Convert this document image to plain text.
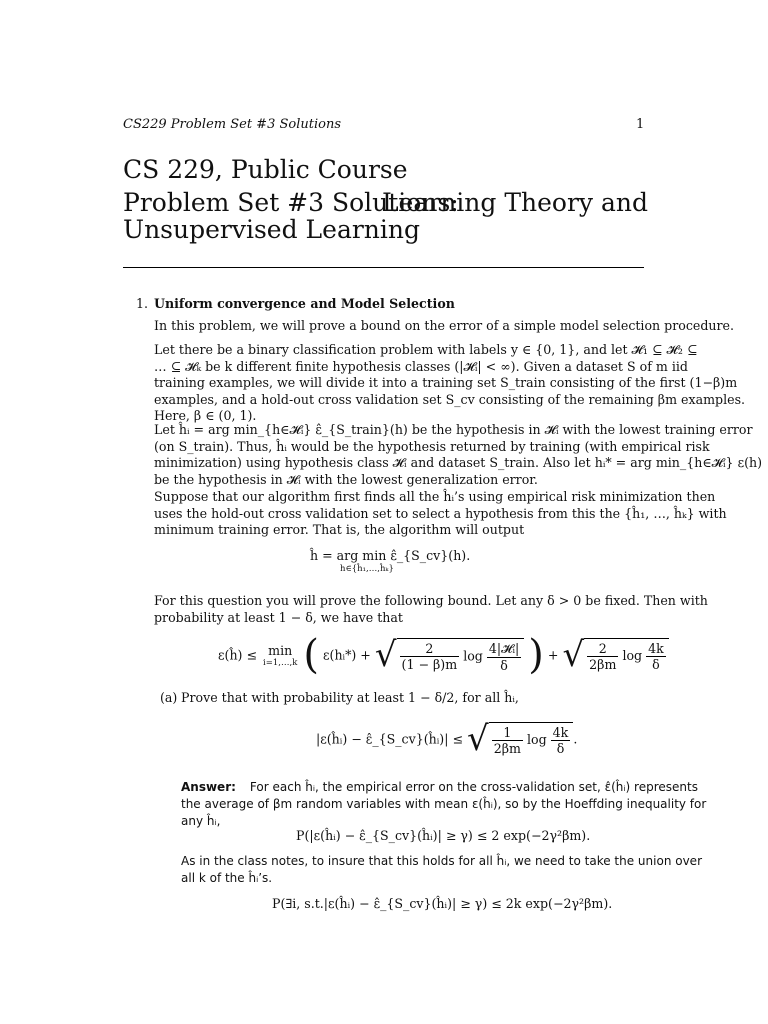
CS229 Problem Set #3 Solutions	1
CS 229, Public Course
Problem Set #3 Solutions:
Learning Theory and
Unsupervised Learning
1. Uniform convergence and Model Selection
In this problem, we will prove a bound on the error of a simple model selection procedure.
Let there be a binary classification problem with labels y ∈ {0, 1}, and let 𝓗₁ ⊆ 𝓗₂ ⊆
… ⊆ 𝓗ₖ be k different finite hypothesis classes (|𝓗ᵢ| < ∞). Given a dataset S of m iid
training examples, we will divide it into a training set S_train consisting of the first (1−β)m
examples, and a hold-out cross validation set S_cv consisting of the remaining βm examples.
Here, β ∈ (0, 1).
Let ĥᵢ = arg min_{h∈𝓗ᵢ} ε̂_{S_train}(h) be the hypothesis in 𝓗ᵢ with the lowest training error
(on S_train). Thus, ĥᵢ would be the hypothesis returned by training (with empirical risk
minimization) using hypothesis class 𝓗ᵢ and dataset S_train. Also let hᵢ* = arg min_{h∈𝓗ᵢ} ε(h)
be the hypothesis in 𝓗ᵢ with the lowest generalization error.
Suppose that our algorithm first finds all the ĥᵢ’s using empirical risk minimization then
uses the hold-out cross validation set to select a hypothesis from this the {ĥ₁, …, ĥₖ} with
minimum training error. That is, the algorithm will output
ĥ = arg min ε̂_{S_cv}(h).
h∈{ĥ₁,…,ĥₖ}
For this question you will prove the following bound. Let any δ > 0 be fixed. Then with
probability at least 1 − δ, we have that
ε(ĥ) ≤ min
i=1,…,k ( ε(hᵢ*) + √ $\frac{2}{(1 - \beta)m}$ $\log \frac{\text{4|𝓗ᵢ|}}{\delta}$ ) + √ $\frac{2}{2\beta m}$ $\log \frac{4k}{\delta}$
(a) Prove that with probability at least 1 − δ/2, for all ĥᵢ,
|ε(ĥᵢ) − ε̂_{S_cv}(ĥᵢ)| ≤ √ $\frac{1}{2\beta m}$ $\log \frac{4k}{\delta}$ .
Answer: For each ĥᵢ, the empirical error on the cross-validation set, ε̂(ĥᵢ) represents
the average of βm random variables with mean ε(ĥᵢ), so by the Hoeffding inequality for
any ĥᵢ,
P(|ε(ĥᵢ) − ε̂_{S_cv}(ĥᵢ)| ≥ γ) ≤ 2 exp(−2γ²βm).
As in the class notes, to insure that this holds for all ĥᵢ, we need to take the union over
all k of the ĥᵢ’s.
P(∃i, s.t.|ε(ĥᵢ) − ε̂_{S_cv}(ĥᵢ)| ≥ γ) ≤ 2k exp(−2γ²βm).
